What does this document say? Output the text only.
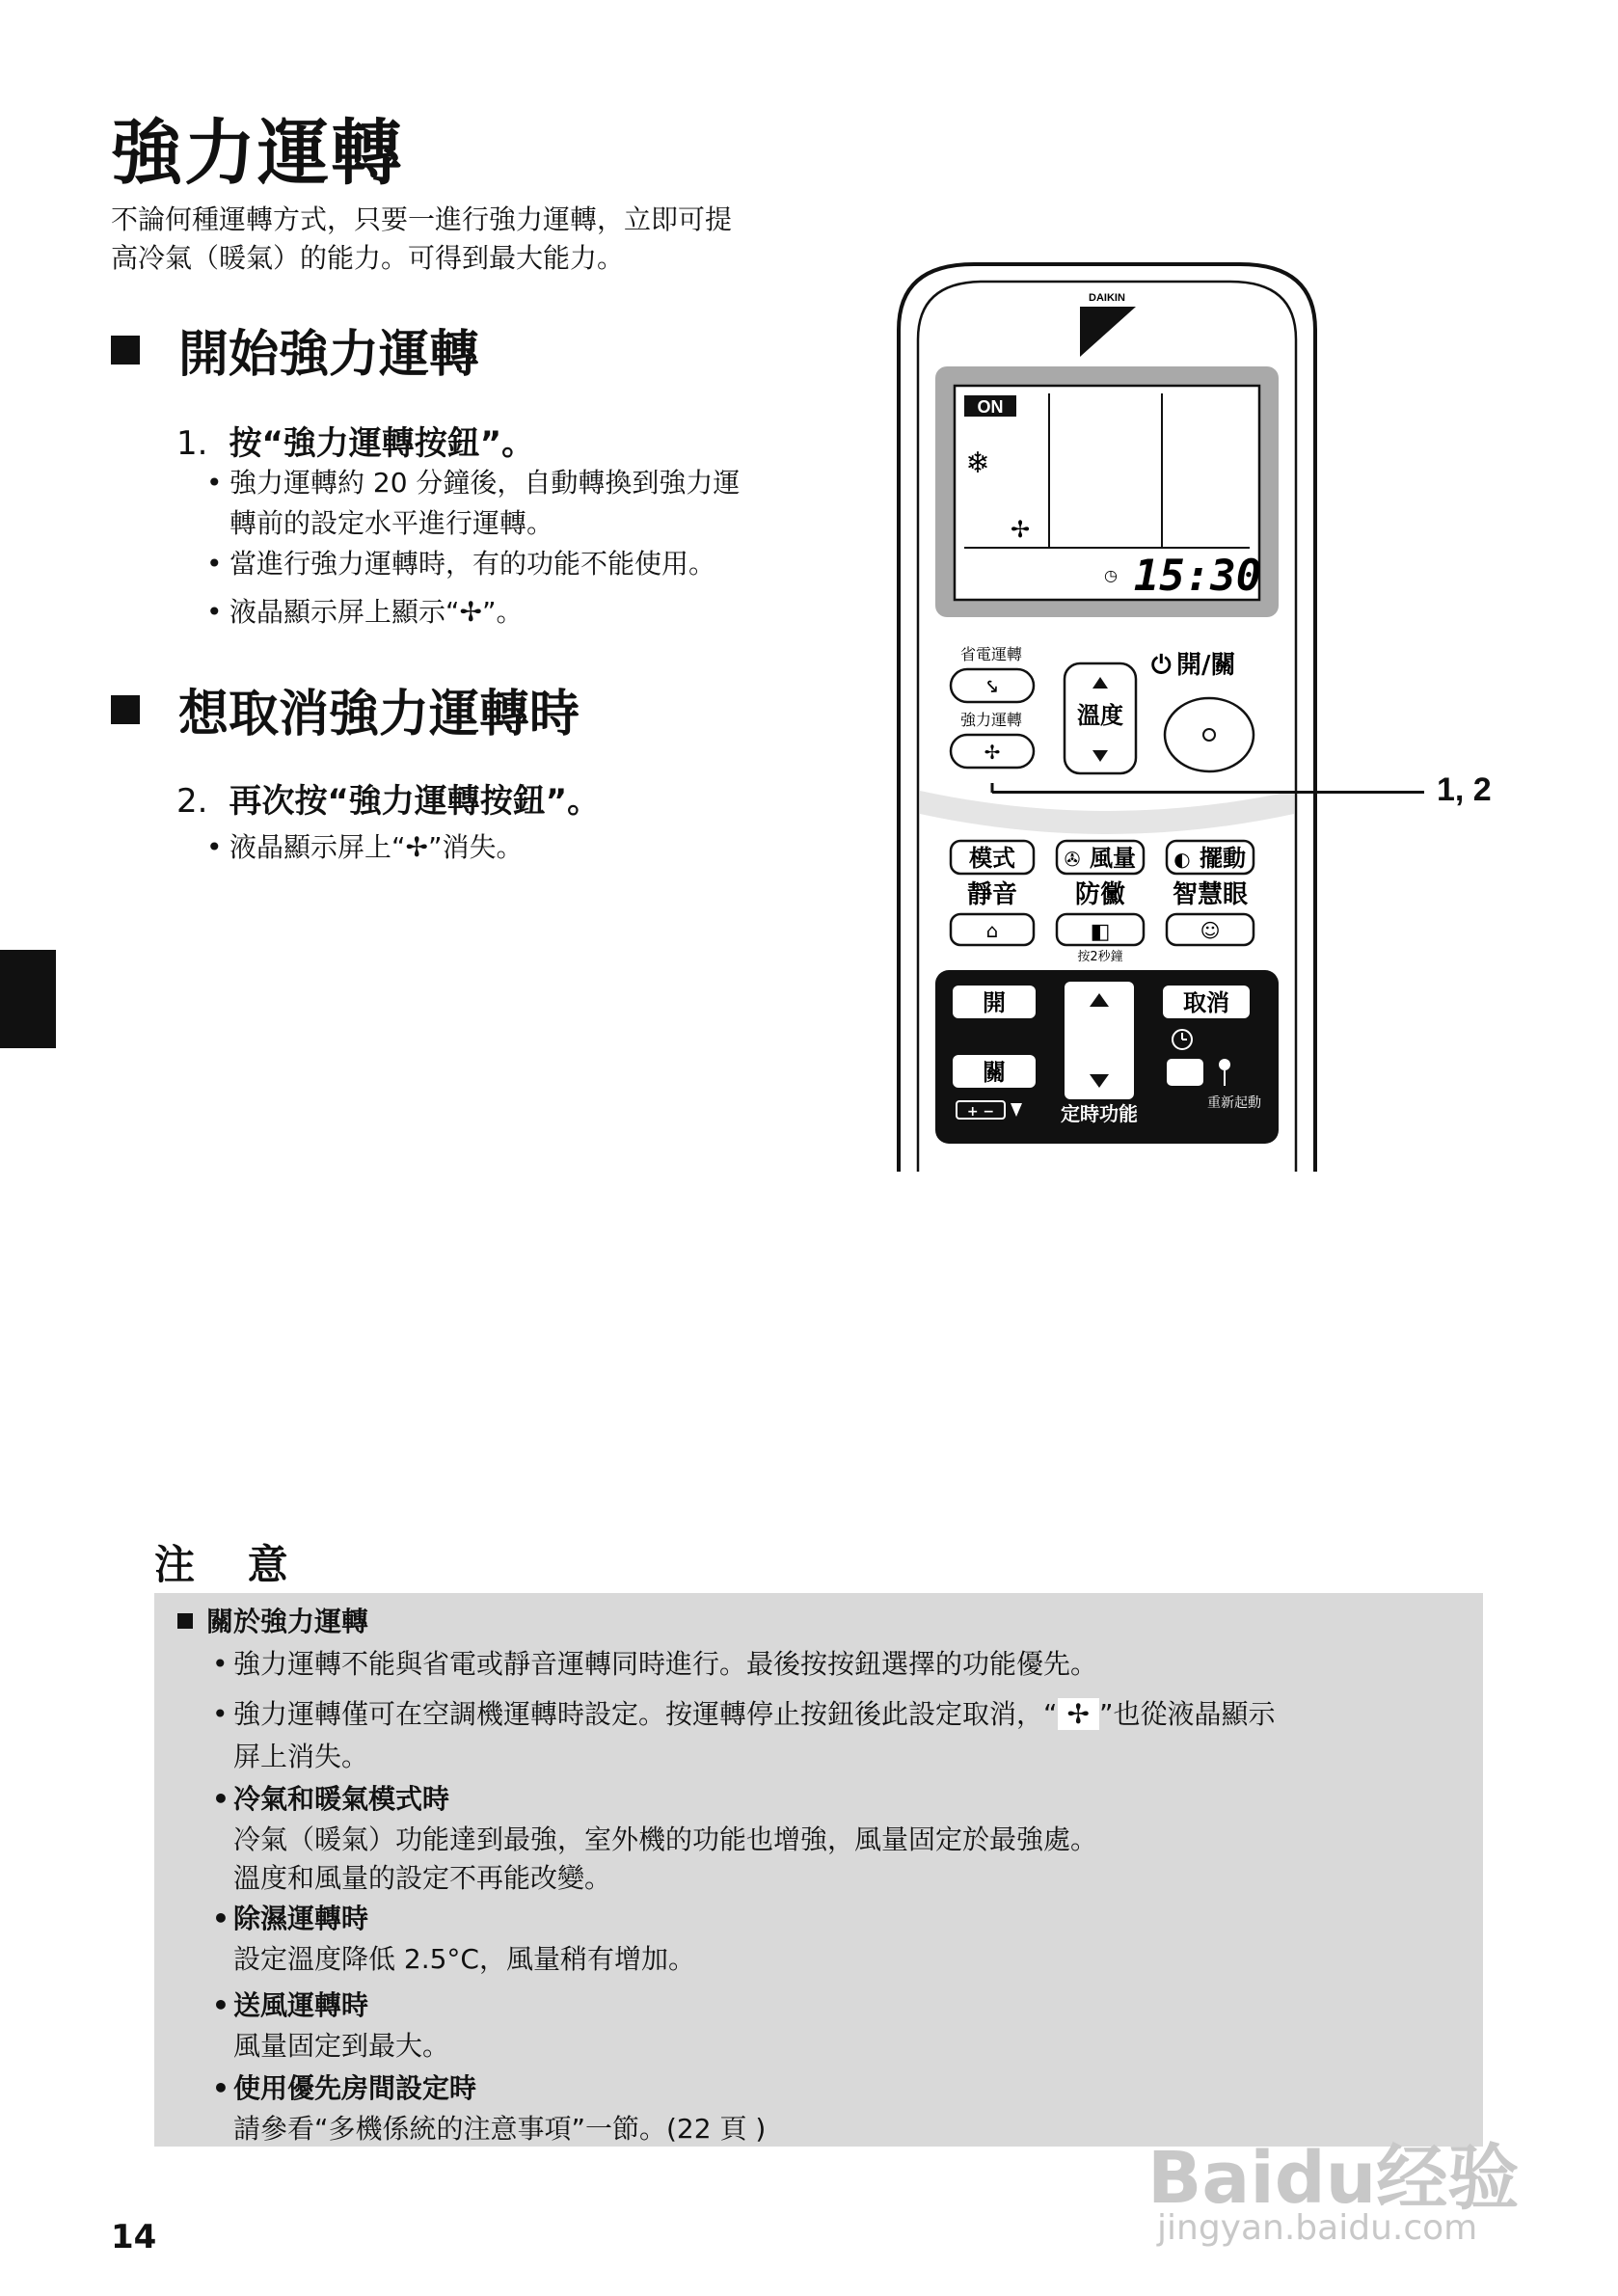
強力運轉
不論何種運轉方式，只要一進行強力運轉，立即可提
高冷氣（暖氣）的能力。可得到最大能力。
開始強力運轉
1. 按“強力運轉按鈕”。
• 強力運轉約 20 分鐘後，自動轉換到強力運
轉前的設定水平進行運轉。
• 當進行強力運轉時，有的功能不能使用。
• 液晶顯示屏上顯示“✢”。
想取消強力運轉時
2. 再次按“強力運轉按鈕”。
• 液晶顯示屏上“✢”消失。
DAIKIN
ON
❄
✢
◷ 15:30
省電運轉
⤥
強力運轉
✢
溫度
⏻ 開/關
模式	✇ 風量 ◐ 擺動
靜音 防黴 智慧眼
⌂	◧
按2秒鐘
☺
開
關
取消
重新起動
+ −	定時功能
1, 2
注 意
關於強力運轉
• 強力運轉不能與省電或靜音運轉同時進行。最後按按鈕選擇的功能優先。
• 強力運轉僅可在空調機運轉時設定。按運轉停止按鈕後此設定取消，“ ✢ ”也從液晶顯示
屏上消失。
• 冷氣和暖氣模式時
冷氣（暖氣）功能達到最強，室外機的功能也增強，風量固定於最強處。
溫度和風量的設定不再能改變。
• 除濕運轉時
設定溫度降低 2.5°C，風量稍有增加。
• 送風運轉時
風量固定到最大。
• 使用優先房間設定時
請參看“多機係統的注意事項”一節。(22 頁 )
14
Baidu经验
jingyan.baidu.com
